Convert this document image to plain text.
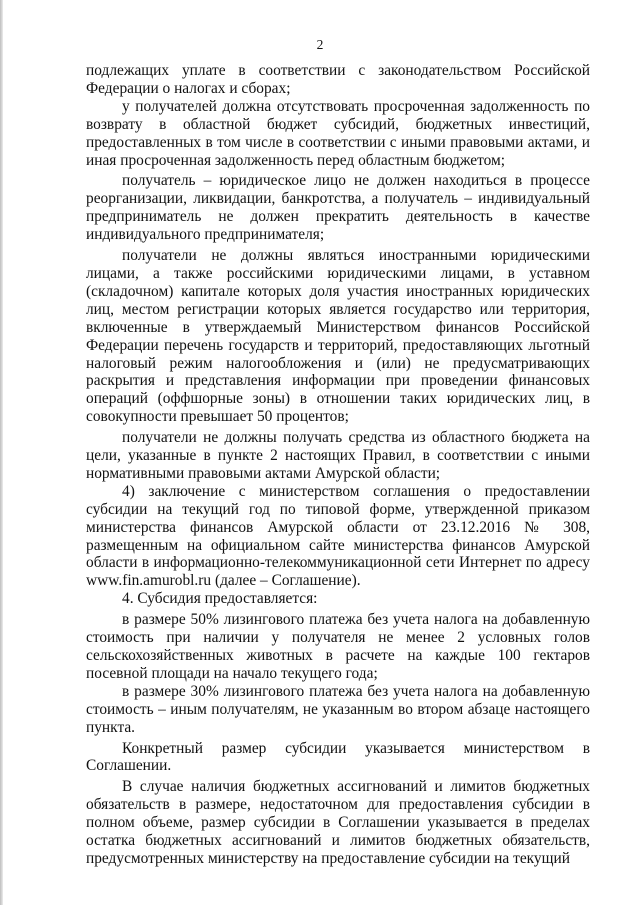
2

подлежащих уплате в соответствии с законодательством Российской Федерации о налогах и сборах;

у получателей должна отсутствовать просроченная задолженность по возврату в областной бюджет субсидий, бюджетных инвестиций, предоставленных в том числе в соответствии с иными правовыми актами, и иная просроченная задолженность перед областным бюджетом;

получатель – юридическое лицо не должен находиться в процессе реорганизации, ликвидации, банкротства, а получатель – индивидуальный предприниматель не должен прекратить деятельность в качестве индивидуального предпринимателя;

получатели не должны являться иностранными юридическими лицами, а также российскими юридическими лицами, в уставном (складочном) капитале которых доля участия иностранных юридических лиц, местом регистрации которых является государство или территория, включенные в утверждаемый Министерством финансов Российской Федерации перечень государств и территорий, предоставляющих льготный налоговый режим налогообложения и (или) не предусматривающих раскрытия и представления информации при проведении финансовых операций (оффшорные зоны) в отношении таких юридических лиц, в совокупности превышает 50 процентов;

получатели не должны получать средства из областного бюджета на цели, указанные в пункте 2 настоящих Правил, в соответствии с иными нормативными правовыми актами Амурской области;

4) заключение с министерством соглашения о предоставлении субсидии на текущий год по типовой форме, утвержденной приказом министерства финансов Амурской области от 23.12.2016 № 308, размещенным на официальном сайте министерства финансов Амурской области в информационно-телекоммуникационной сети Интернет по адресу www.fin.amurobl.ru (далее – Соглашение).

4. Субсидия предоставляется:

в размере 50% лизингового платежа без учета налога на добавленную стоимость при наличии у получателя не менее 2 условных голов сельскохозяйственных животных в расчете на каждые 100 гектаров посевной площади на начало текущего года;

в размере 30% лизингового платежа без учета налога на добавленную стоимость – иным получателям, не указанным во втором абзаце настоящего пункта.

Конкретный размер субсидии указывается министерством в Соглашении.

В случае наличия бюджетных ассигнований и лимитов бюджетных обязательств в размере, недостаточном для предоставления субсидии в полном объеме, размер субсидии в Соглашении указывается в пределах остатка бюджетных ассигнований и лимитов бюджетных обязательств, предусмотренных министерству на предоставление субсидии на текущий
